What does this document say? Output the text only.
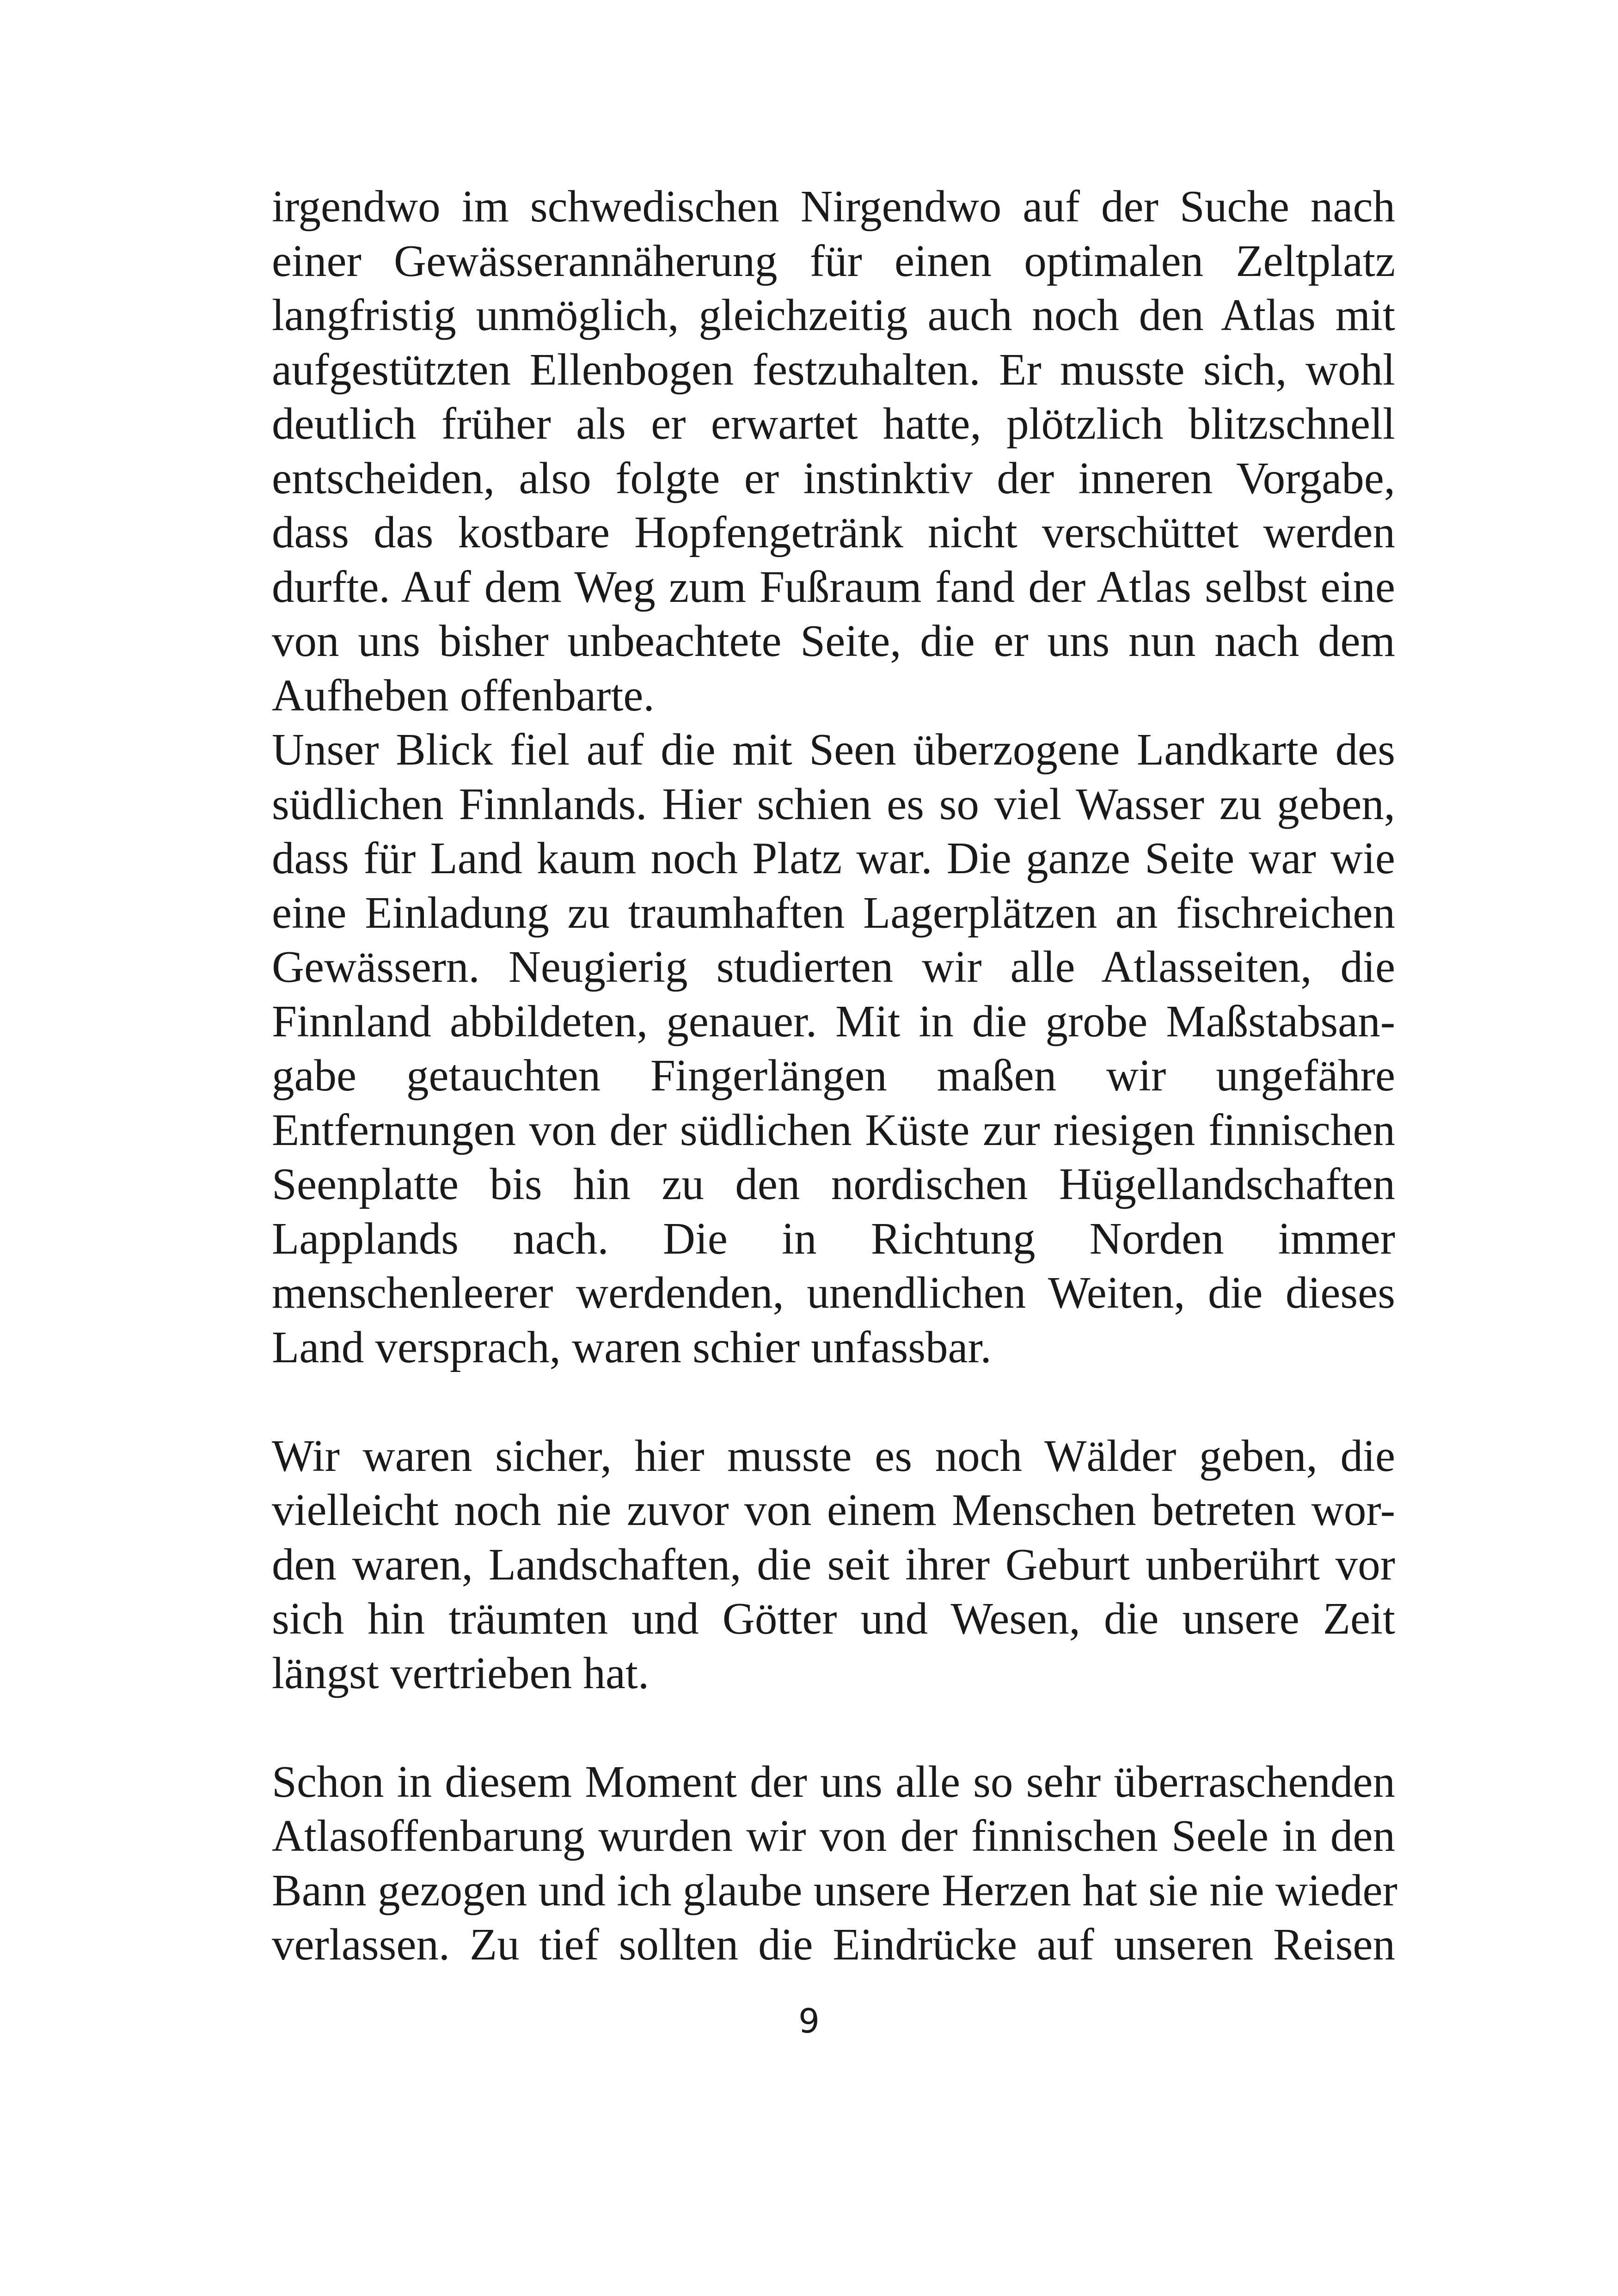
irgendwo im schwedischen Nirgendwo auf der Suche nach
einer Gewässerannäherung für einen optimalen Zeltplatz
langfristig unmöglich, gleichzeitig auch noch den Atlas mit
aufgestützten Ellenbogen festzuhalten. Er musste sich, wohl
deutlich früher als er erwartet hatte, plötzlich blitzschnell
entscheiden, also folgte er instinktiv der inneren Vorgabe,
dass das kostbare Hopfengetränk nicht verschüttet werden
durfte. Auf dem Weg zum Fußraum fand der Atlas selbst eine
von uns bisher unbeachtete Seite, die er uns nun nach dem
Aufheben offenbarte.
Unser Blick fiel auf die mit Seen überzogene Landkarte des
südlichen Finnlands. Hier schien es so viel Wasser zu geben,
dass für Land kaum noch Platz war. Die ganze Seite war wie
eine Einladung zu traumhaften Lagerplätzen an fischreichen
Gewässern. Neugierig studierten wir alle Atlasseiten, die
Finnland abbildeten, genauer. Mit in die grobe Maßstabsan-
gabe getauchten Fingerlängen maßen wir ungefähre
Entfernungen von der südlichen Küste zur riesigen finnischen
Seenplatte bis hin zu den nordischen Hügellandschaften
Lapplands nach. Die in Richtung Norden immer
menschenleerer werdenden, unendlichen Weiten, die dieses
Land versprach, waren schier unfassbar.
Wir waren sicher, hier musste es noch Wälder geben, die
vielleicht noch nie zuvor von einem Menschen betreten wor-
den waren, Landschaften, die seit ihrer Geburt unberührt vor
sich hin träumten und Götter und Wesen, die unsere Zeit
längst vertrieben hat.
Schon in diesem Moment der uns alle so sehr überraschenden
Atlasoffenbarung wurden wir von der finnischen Seele in den
Bann gezogen und ich glaube unsere Herzen hat sie nie wieder
verlassen. Zu tief sollten die Eindrücke auf unseren Reisen
9
